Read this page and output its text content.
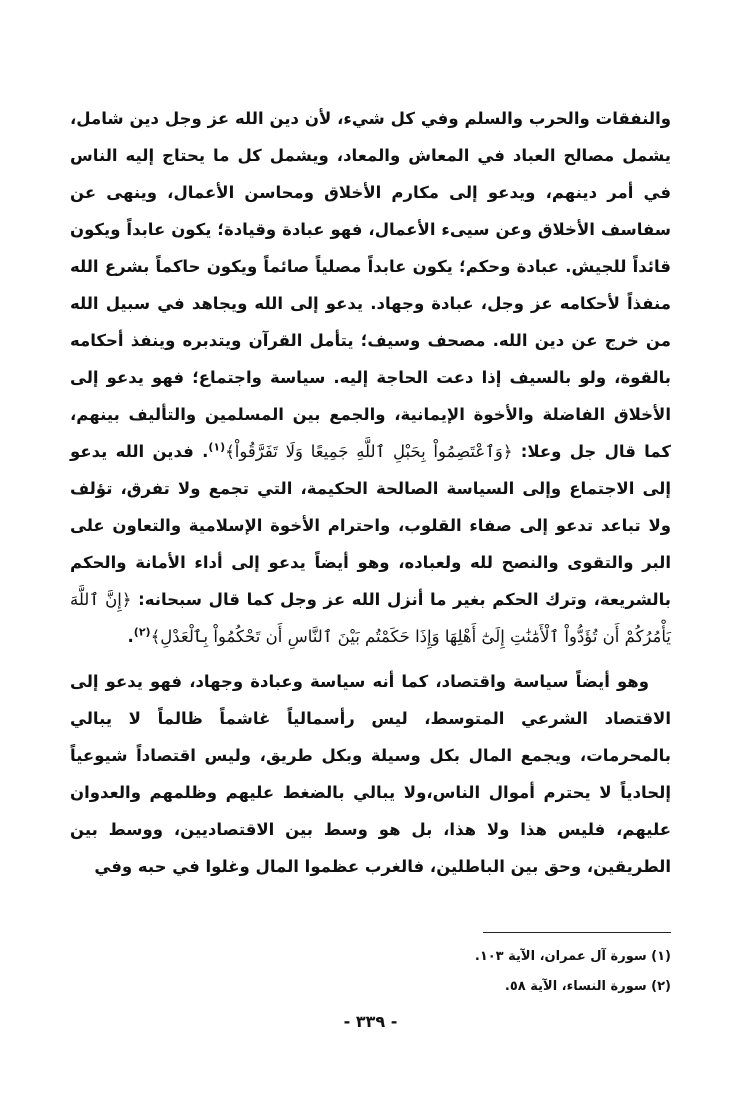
والنفقات والحرب والسلم وفي كل شيء، لأن دين الله عز وجل دين شامل، يشمل مصالح العباد في المعاش والمعاد، ويشمل كل ما يحتاج إليه الناس في أمر دينهم، ويدعو إلى مكارم الأخلاق ومحاسن الأعمال، وينهى عن سفاسف الأخلاق وعن سيىء الأعمال، فهو عبادة وقيادة؛ يكون عابداً ويكون قائداً للجيش. عبادة وحكم؛ يكون عابداً مصلياً صائماً ويكون حاكماً بشرع الله منفذاً لأحكامه عز وجل، عبادة وجهاد. يدعو إلى الله ويجاهد في سبيل الله من خرج عن دين الله. مصحف وسيف؛ يتأمل القرآن ويتدبره وينفذ أحكامه بالقوة، ولو بالسيف إذا دعت الحاجة إليه. سياسة واجتماع؛ فهو يدعو إلى الأخلاق الفاضلة والأخوة الإيمانية، والجمع بين المسلمين والتأليف بينهم، كما قال جل وعلا: ﴿وَٱعْتَصِمُواْ بِحَبْلِ ٱللَّهِ جَمِيعًا وَلَا تَفَرَّقُواْ﴾$^{(١)}$. فدين الله يدعو إلى الاجتماع وإلى السياسة الصالحة الحكيمة، التي تجمع ولا تفرق، تؤلف ولا تباعد تدعو إلى صفاء القلوب، واحترام الأخوة الإسلامية والتعاون على البر والتقوى والنصح لله ولعباده، وهو أيضاً يدعو إلى أداء الأمانة والحكم بالشريعة، وترك الحكم بغير ما أنزل الله عز وجل كما قال سبحانه: ﴿إِنَّ ٱللَّهَ يَأْمُرُكُمْ أَن تُؤَدُّواْ ٱلْأَمَٰنَٰتِ إِلَىٰٓ أَهْلِهَا وَإِذَا حَكَمْتُم بَيْنَ ٱلنَّاسِ أَن تَحْكُمُواْ بِٱلْعَدْلِ﴾$^{(٢)}$.

وهو أيضاً سياسة واقتصاد، كما أنه سياسة وعبادة وجهاد، فهو يدعو إلى الاقتصاد الشرعي المتوسط، ليس رأسمالياً غاشماً ظالماً لا يبالي بالمحرمات، ويجمع المال بكل وسيلة وبكل طريق، وليس اقتصاداً شيوعياً إلحادياً لا يحترم أموال الناس،ولا يبالي بالضغط عليهم وظلمهم والعدوان عليهم، فليس هذا ولا هذا، بل هو وسط بين الاقتصاديين، ووسط بين الطريقين، وحق بين الباطلين، فالغرب عظموا المال وغلوا في حبه وفي

(١) سورة آل عمران، الآية ١٠٣.
(٢) سورة النساء، الآية ٥٨.
- ٣٣٩ -
